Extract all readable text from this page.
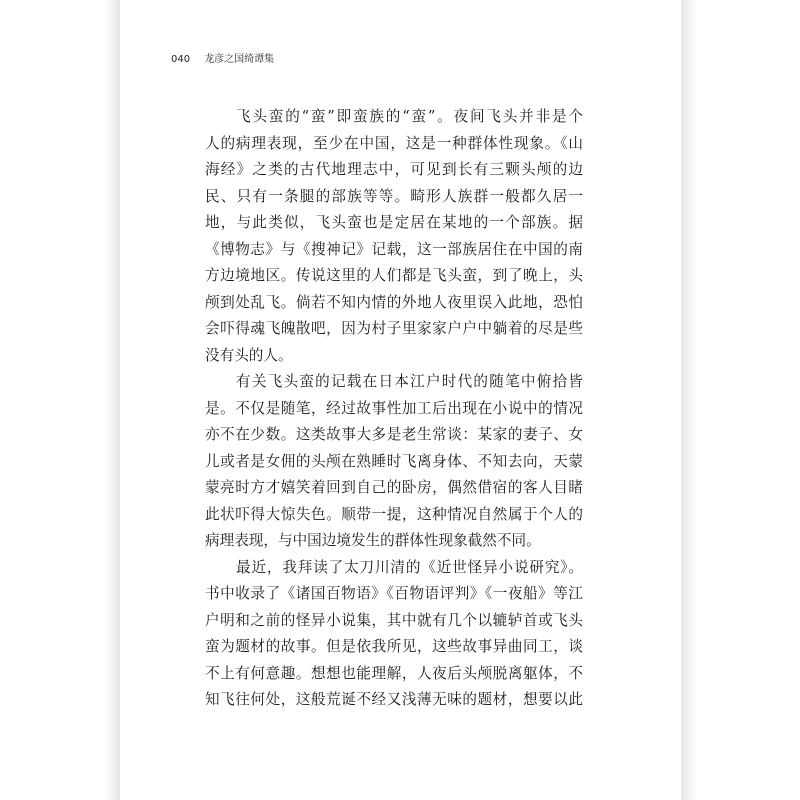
040 龙彦之国绮谭集
飞头蛮的“蛮”即蛮族的“蛮”。夜间飞头并非是个
人的病理表现，至少在中国，这是一种群体性现象。《山
海经》之类的古代地理志中，可见到长有三颗头颅的边
民、只有一条腿的部族等等。畸形人族群一般都久居一
地，与此类似，飞头蛮也是定居在某地的一个部族。据
《博物志》与《搜神记》记载，这一部族居住在中国的南
方边境地区。传说这里的人们都是飞头蛮，到了晚上，头
颅到处乱飞。倘若不知内情的外地人夜里误入此地，恐怕
会吓得魂飞魄散吧，因为村子里家家户户中躺着的尽是些
没有头的人。
有关飞头蛮的记载在日本江户时代的随笔中俯拾皆
是。不仅是随笔，经过故事性加工后出现在小说中的情况
亦不在少数。这类故事大多是老生常谈：某家的妻子、女
儿或者是女佣的头颅在熟睡时飞离身体、不知去向，天蒙
蒙亮时方才嬉笑着回到自己的卧房，偶然借宿的客人目睹
此状吓得大惊失色。顺带一提，这种情况自然属于个人的
病理表现，与中国边境发生的群体性现象截然不同。
最近，我拜读了太刀川清的《近世怪异小说研究》。
书中收录了《诸国百物语》《百物语评判》《一夜船》等江
户明和之前的怪异小说集，其中就有几个以辘轳首或飞头
蛮为题材的故事。但是依我所见，这些故事异曲同工，谈
不上有何意趣。想想也能理解，人夜后头颅脱离躯体，不
知飞往何处，这般荒诞不经又浅薄无味的题材，想要以此
